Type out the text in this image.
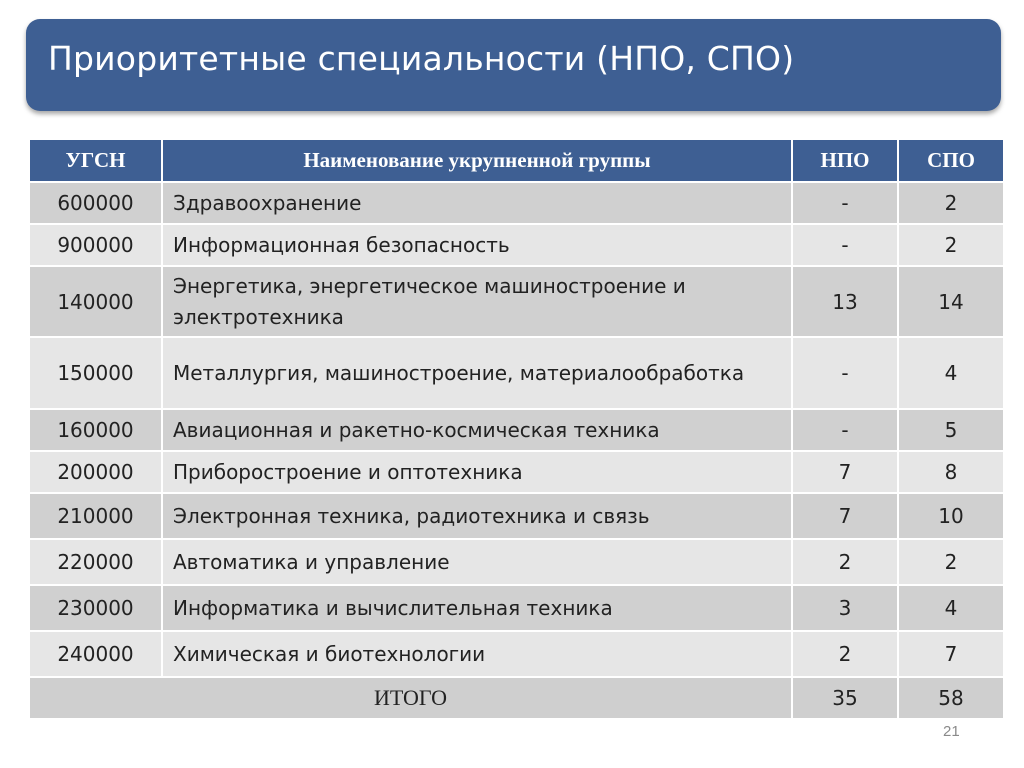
Приоритетные специальности (НПО, СПО)
УГСН	Наименование укрупненной группы	НПО	СПО
600000	Здравоохранение	-	2
900000	Информационная безопасность	-	2
140000	Энергетика, энергетическое машиностроение и электротехника	13	14
150000	Металлургия, машиностроение, материалообработка	-	4
160000	Авиационная и ракетно-космическая техника	-	5
200000	Приборостроение и оптотехника	7	8
210000	Электронная техника, радиотехника и связь	7	10
220000	Автоматика и управление	2	2
230000	Информатика и вычислительная техника	3	4
240000	Химическая и биотехнологии	2	7
ИТОГО		35	58
21
